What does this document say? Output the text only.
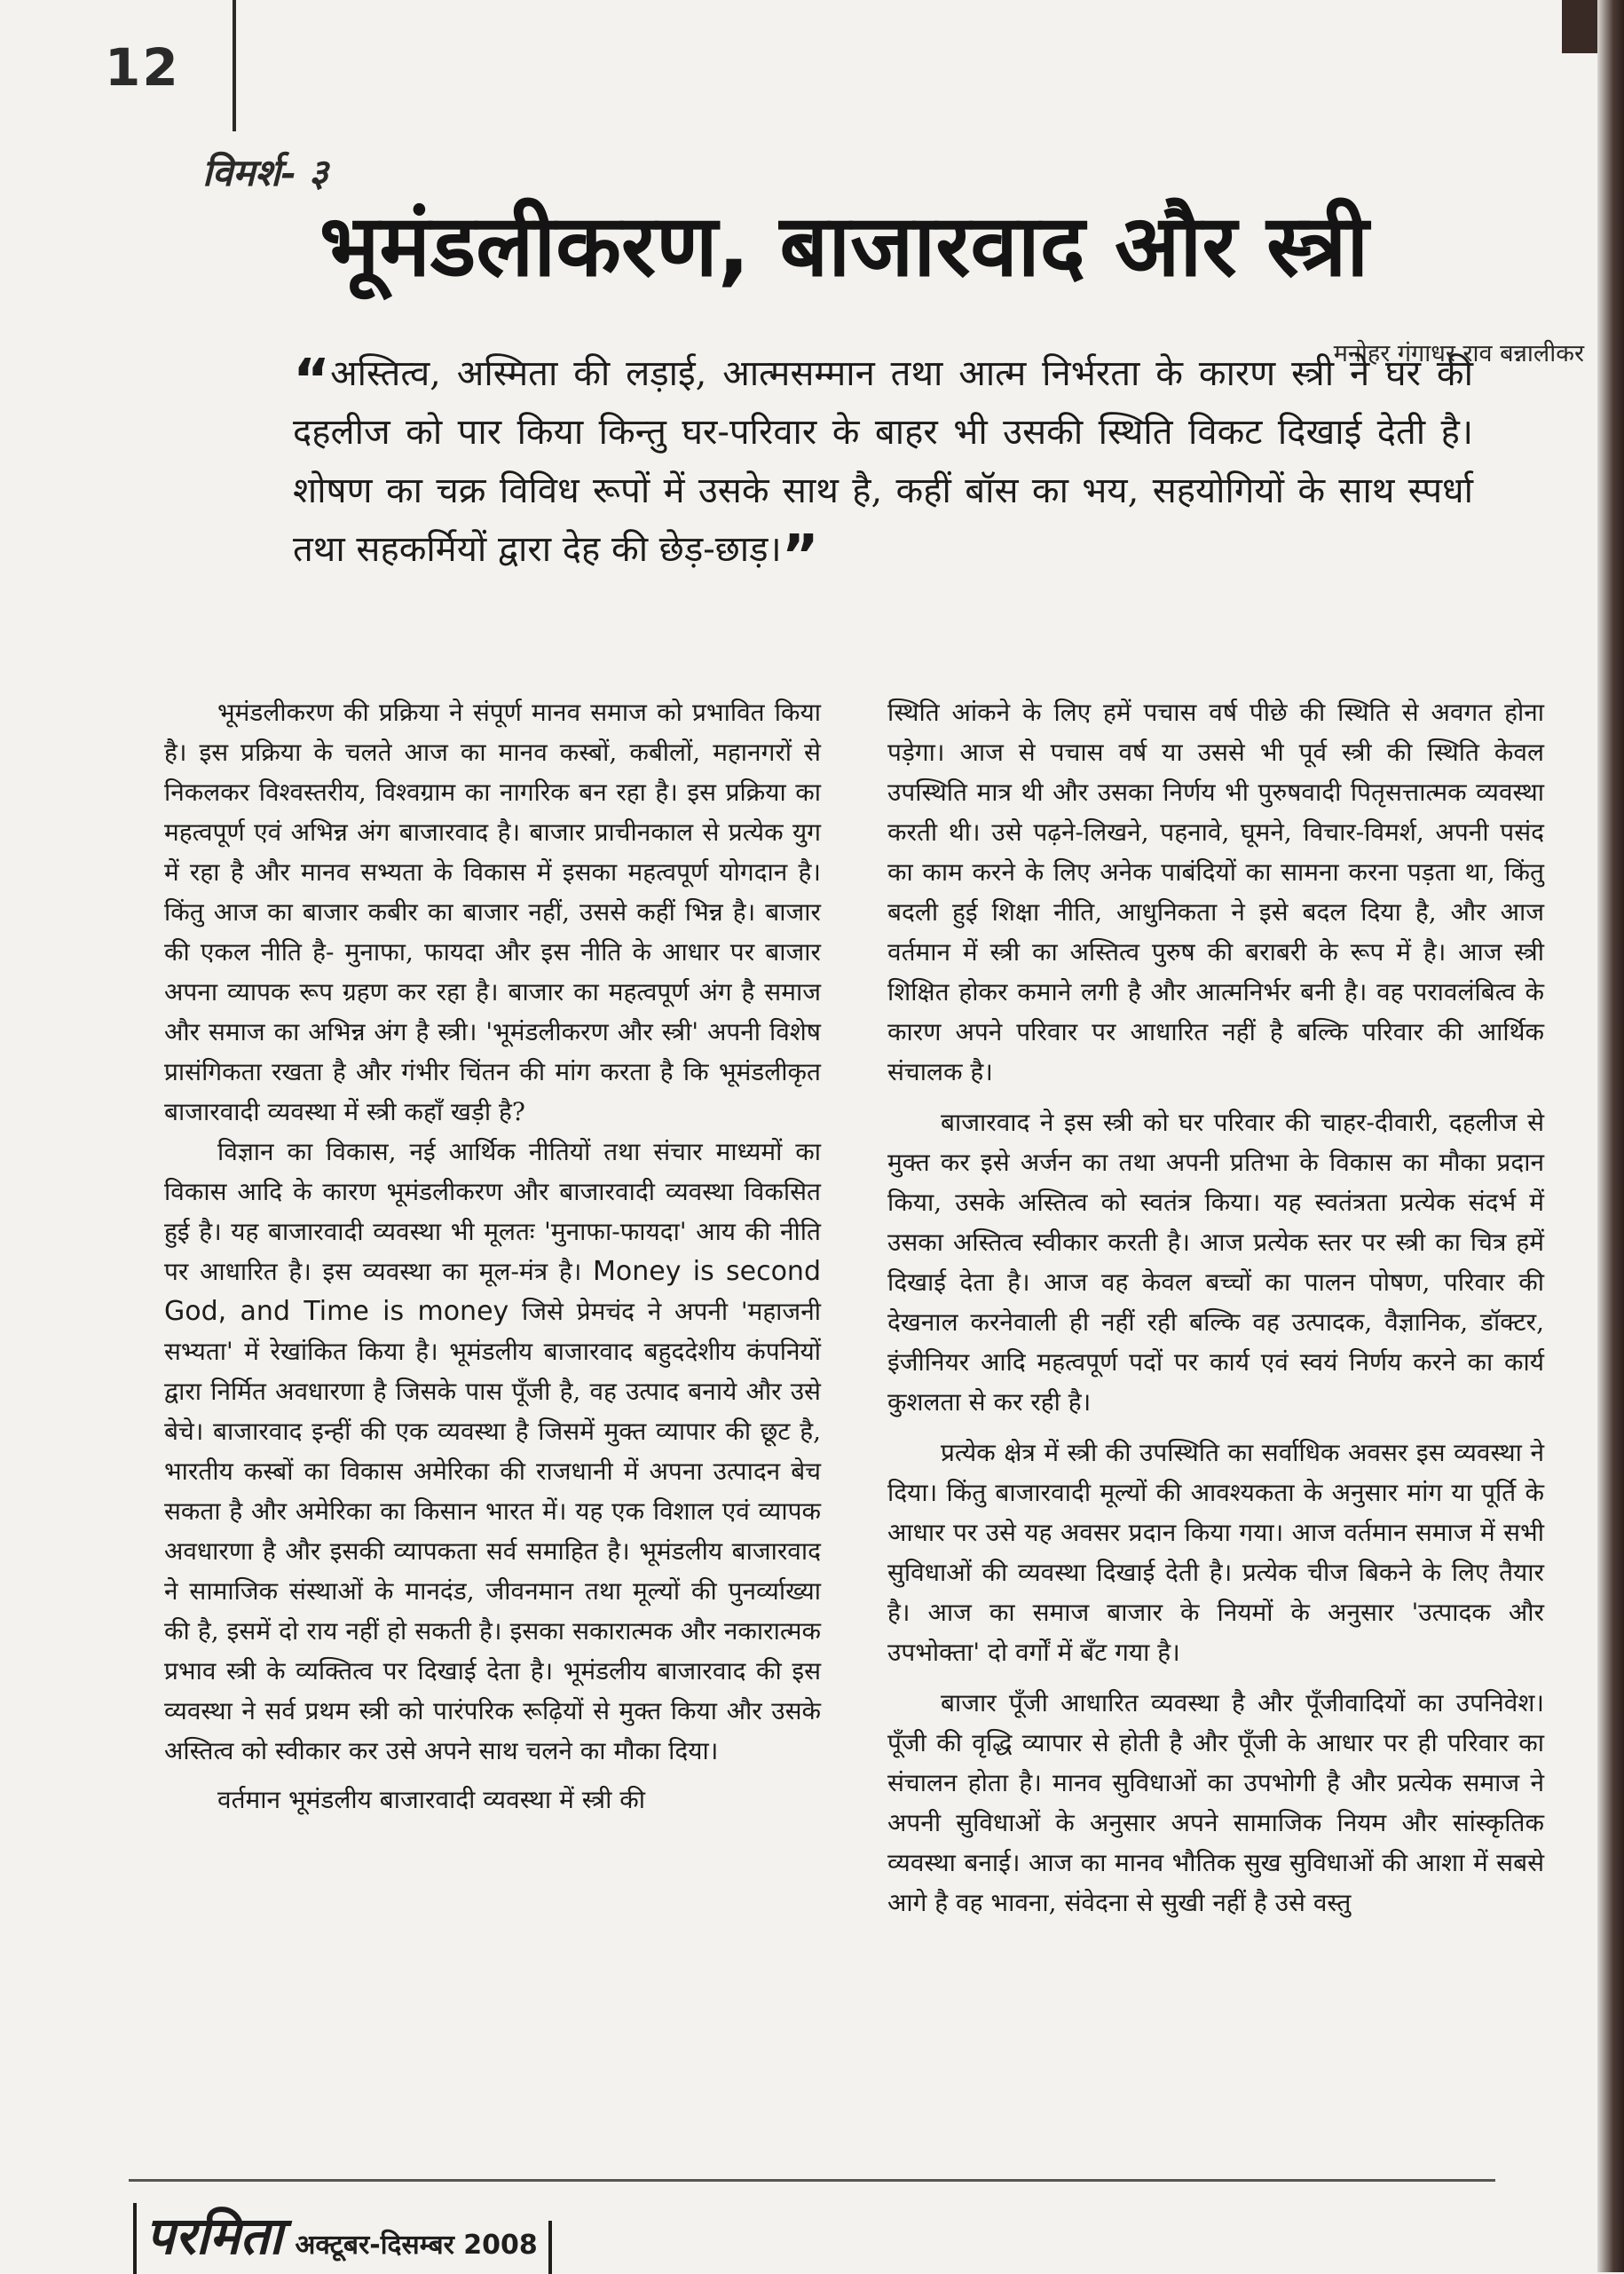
12
विमर्श- ३
भूमंडलीकरण, बाजारवाद और स्त्री
मनोहर गंगाधर राव बन्नालीकर
“अस्तित्व, अस्मिता की लड़ाई, आत्मसम्मान तथा आत्म निर्भरता के कारण स्त्री ने घर की दहलीज को पार किया किन्तु घर-परिवार के बाहर भी उसकी स्थिति विकट दिखाई देती है। शोषण का चक्र विविध रूपों में उसके साथ है, कहीं बॉस का भय, सहयोगियों के साथ स्पर्धा तथा सहकर्मियों द्वारा देह की छेड़-छाड़।”

भूमंडलीकरण की प्रक्रिया ने संपूर्ण मानव समाज को प्रभावित किया है। इस प्रक्रिया के चलते आज का मानव कस्बों, कबीलों, महानगरों से निकलकर विश्वस्तरीय, विश्वग्राम का नागरिक बन रहा है। इस प्रक्रिया का महत्वपूर्ण एवं अभिन्न अंग बाजारवाद है। बाजार प्राचीनकाल से प्रत्येक युग में रहा है और मानव सभ्यता के विकास में इसका महत्वपूर्ण योगदान है। किंतु आज का बाजार कबीर का बाजार नहीं, उससे कहीं भिन्न है। बाजार की एकल नीति है- मुनाफा, फायदा और इस नीति के आधार पर बाजार अपना व्यापक रूप ग्रहण कर रहा है। बाजार का महत्वपूर्ण अंग है समाज और समाज का अभिन्न अंग है स्त्री। 'भूमंडलीकरण और स्त्री' अपनी विशेष प्रासंगिकता रखता है और गंभीर चिंतन की मांग करता है कि भूमंडलीकृत बाजारवादी व्यवस्था में स्त्री कहाँ खड़ी है?

विज्ञान का विकास, नई आर्थिक नीतियों तथा संचार माध्यमों का विकास आदि के कारण भूमंडलीकरण और बाजारवादी व्यवस्था विकसित हुई है। यह बाजारवादी व्यवस्था भी मूलतः 'मुनाफा-फायदा' आय की नीति पर आधारित है। इस व्यवस्था का मूल-मंत्र है। Money is second God, and Time is money जिसे प्रेमचंद ने अपनी 'महाजनी सभ्यता' में रेखांकित किया है। भूमंडलीय बाजारवाद बहुददेशीय कंपनियों द्वारा निर्मित अवधारणा है जिसके पास पूँजी है, वह उत्पाद बनाये और उसे बेचे। बाजारवाद इन्हीं की एक व्यवस्था है जिसमें मुक्त व्यापार की छूट है, भारतीय कस्बों का विकास अमेरिका की राजधानी में अपना उत्पादन बेच सकता है और अमेरिका का किसान भारत में। यह एक विशाल एवं व्यापक अवधारणा है और इसकी व्यापकता सर्व समाहित है। भूमंडलीय बाजारवाद ने सामाजिक संस्थाओं के मानदंड, जीवनमान तथा मूल्यों की पुनर्व्याख्या की है, इसमें दो राय नहीं हो सकती है। इसका सकारात्मक और नकारात्मक प्रभाव स्त्री के व्यक्तित्व पर दिखाई देता है। भूमंडलीय बाजारवाद की इस व्यवस्था ने सर्व प्रथम स्त्री को पारंपरिक रूढ़ियों से मुक्त किया और उसके अस्तित्व को स्वीकार कर उसे अपने साथ चलने का मौका दिया।

वर्तमान भूमंडलीय बाजारवादी व्यवस्था में स्त्री की

स्थिति आंकने के लिए हमें पचास वर्ष पीछे की स्थिति से अवगत होना पड़ेगा। आज से पचास वर्ष या उससे भी पूर्व स्त्री की स्थिति केवल उपस्थिति मात्र थी और उसका निर्णय भी पुरुषवादी पितृसत्तात्मक व्यवस्था करती थी। उसे पढ़ने-लिखने, पहनावे, घूमने, विचार-विमर्श, अपनी पसंद का काम करने के लिए अनेक पाबंदियों का सामना करना पड़ता था, किंतु बदली हुई शिक्षा नीति, आधुनिकता ने इसे बदल दिया है, और आज वर्तमान में स्त्री का अस्तित्व पुरुष की बराबरी के रूप में है। आज स्त्री शिक्षित होकर कमाने लगी है और आत्मनिर्भर बनी है। वह परावलंबित्व के कारण अपने परिवार पर आधारित नहीं है बल्कि परिवार की आर्थिक संचालक है।

बाजारवाद ने इस स्त्री को घर परिवार की चाहर-दीवारी, दहलीज से मुक्त कर इसे अर्जन का तथा अपनी प्रतिभा के विकास का मौका प्रदान किया, उसके अस्तित्व को स्वतंत्र किया। यह स्वतंत्रता प्रत्येक संदर्भ में उसका अस्तित्व स्वीकार करती है। आज प्रत्येक स्तर पर स्त्री का चित्र हमें दिखाई देता है। आज वह केवल बच्चों का पालन पोषण, परिवार की देखनाल करनेवाली ही नहीं रही बल्कि वह उत्पादक, वैज्ञानिक, डॉक्टर, इंजीनियर आदि महत्वपूर्ण पदों पर कार्य एवं स्वयं निर्णय करने का कार्य कुशलता से कर रही है।

प्रत्येक क्षेत्र में स्त्री की उपस्थिति का सर्वाधिक अवसर इस व्यवस्था ने दिया। किंतु बाजारवादी मूल्यों की आवश्यकता के अनुसार मांग या पूर्ति के आधार पर उसे यह अवसर प्रदान किया गया। आज वर्तमान समाज में सभी सुविधाओं की व्यवस्था दिखाई देती है। प्रत्येक चीज बिकने के लिए तैयार है। आज का समाज बाजार के नियमों के अनुसार 'उत्पादक और उपभोक्ता' दो वर्गों में बँट गया है।

बाजार पूँजी आधारित व्यवस्था है और पूँजीवादियों का उपनिवेश। पूँजी की वृद्धि व्यापार से होती है और पूँजी के आधार पर ही परिवार का संचालन होता है। मानव सुविधाओं का उपभोगी है और प्रत्येक समाज ने अपनी सुविधाओं के अनुसार अपने सामाजिक नियम और सांस्कृतिक व्यवस्था बनाई। आज का मानव भौतिक सुख सुविधाओं की आशा में सबसे आगे है वह भावना, संवेदना से सुखी नहीं है उसे वस्तु

परमिता अक्टूबर-दिसम्बर 2008
